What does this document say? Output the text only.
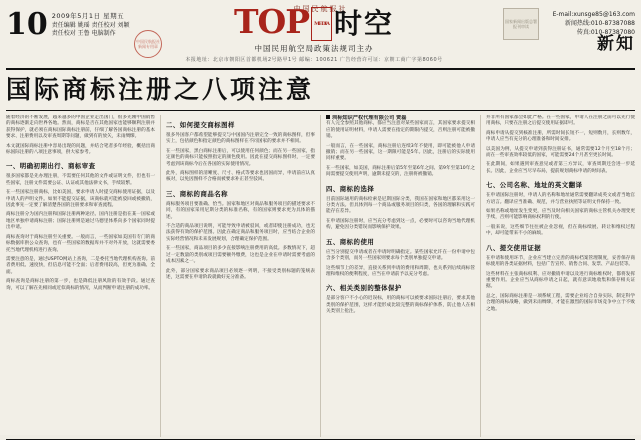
中国民航报社
10 2009年5月1日 星期五
责任编辑 姚瑶 责任校对 刘颖
责任校对 王鲁 电脑制作
中国民航报社 新闻专用章
TOP MEDIA 时空
中国民用航空局政策法规司主办
本报地址：北京市朝阳区首都机场2号路甲1号 邮编：100621 广告经营许可证：京朝工商广字第8060号
国家新闻出版总署 报刊审读
E-mail:xunsge85@163.com
新闻热线:010-87387088
传真:010-87387080
新知
国际商标注册之八项注意

随着经济的不断发展，越来越多的中国企业走出国门，很多先刚中国销售的商标逐渐走向世界各地。然而，商标是否在其他国家也能够顺利注册并获得保护，就必须在商标国际商标注册前，仔细了解各国商标注册的基本要求、注册费用以及审查周期等问题，做到有的放矢，未雨绸缪。

本文就国际商标注册中容易出现的问题，并结合笔者多年经验，概括出商标国际注册的八项注意事项，供大家参考。

一、明确初期出行、商标审查

很多国家都是先办理注册，不需要任何其他的文件或证明文件，但也有一些国家，注册文件需要公证、认证或其他法律文书，手续较繁。

在一些国家注册商标，比如美国，要求申请人时提交商标使用证据，以及申请人的声明文件。如果不能提交证据，该商标就可能被驳回或被撤销，因此事先一定要了解清楚各国的注册要求和审查流程。

商标注册分为国内注册和国际注册两种途径。国内注册是指在某一国家或地区单独申请商标注册；国际注册则是通过马德里体系向多个国家同时提出申请。

商标查询对于商标注册至关重要。一般而言，一些国家如美国有专门的商标数据库供公众查询，也有一些国家的数据库并不对外开放，这就需要委托当地代理机构进行查询。

需要注意的是，通过USPTO网站上查询，二是委托当地代理机构查询。前者费用低、速度快，但信息可能不全面；后者费用较高，但更为准确、全面。

商标查询是商标注册的第一步，也是降低注册风险的有效手段。通过查询，可以了解在先相同或近似商标的情况，从而判断申请注册的成功率。

二、如何提交商标图样

很多外国客户都希望能够提交与中国国内注册完全一致的商标图样，但事实上，包括颜色和指定颜色的商标图样在不同国家的要求并不相同。

在一些国家，黑白商标注册后，可以使用任何颜色；而在另一些国家，指定颜色的商标只能按照指定的颜色使用。因此在提交商标图样时，一定要考虑到该商标今后在各国的实际使用情况。

此外，商标图样的清晰度、尺寸、格式等要求也因国而异，申请前应认真核对，以免因图样不合格而被要求补正甚至驳回。

三、商标的商品名称

商标服务项目要准确、恰当。国家和地区对商品和服务项目的描述要求不同，有的国家采用尼斯分类的标准名称，有的国家则要求更为具体的描述。

不合适的商品项目说明，可能导致申请被驳回，或者即使注册成功，也无法获得有效的保护范围。因此在确定商品和服务项目时，应当结合企业的实际经营情况和未来发展规划，合理确定保护范围。

在一些国家，商品项目的多少直接影响注册费用的高低。多数情况下，超过一定数量的类别或项目需要额外缴费，这也是企业在申请时需要考虑的成本因素之一。

此外，部分国家要求商品项目必须逐一列明，不接受类别标题的笼统表述，这需要在申请阶段就做好充分准备。

圳标知识产权代理有限公司 贾磊

有人完全参照其他商标，都应当注意对某些国家而言，其国家要求提交相应的使用证明材料，申请人需要在指定的期限内提交，否则注册可能被撤销。

一般而言，在一些国家，商标注册后连续3年不使用，即可能被他人申请撤销；而在另一些国家，这一期限可能是5年。因此，注册后的实际使用同样重要。

在一些国家，如美国，商标注册后第5年至第6年之间、第9年至第10年之间需要提交使用声明，逾期未提交的，注册将被撤销。

四、商标的选择

目前国际通用的商标检索是尼斯国际分类，我国在国家和地区都采用这一分类方法。但具体到每一个商品或服务项目的归类，各国的理解和实践可能存在差异。

在申请国际注册时，应当充分考虑到这一点，必要时可以咨询当地代理机构，避免因分类错误而影响保护效果。

五、商标的使用

应当分别提交申请或者在申请时明确指定。某些国家允许在一份申请中包含多个类别，而另一些国家则要求每个类别单独提交申请。

这些细节上的差异，直接关系到申请的费用和周期，也关系到后续商标管理和维权的便利程度，应当在申请前予以充分考虑。

六、相关类别的整体保护

是部分客户不小心的迟误标，用的商标可以被要求国际注册后，要求其他类别的保护范围，这样才能形成比较完整的商标保护体系，防止他人在相关类别上抢注。

并非所有国家都会如此严格。在一些国家，申请人在注册之前可以先行使用商标，只要在注册之后提交使用证据即可。

商标申请从提交到核准注册，所需时间长短不一，短则数月，长则数年，申请人应当有充分的心理准备和时间安排。

以美国为例，从提交申请到获得注册证书，通常需要12个月至18个月；而在一些审查效率较低的国家，可能需要24个月甚至更长时间。

在此期间，如果遇到审查意见或者第三方异议，审查周期还会进一步延长。因此，企业应当尽早布局，提前规划商标申请的时间表。

七、公司名称、地址的英文翻译

在申请国际注册时，申请人的名称和地址通常需要翻译成英文或者当地官方语言。翻译应当准确、规范，并与营业执照等证明文件保持一致。

如果名称或地址发生变更，应当及时向相关国家的商标主管机关办理变更手续，否则可能影响商标权利的行使。

一般来说，这些细节往往被企业忽视，但在商标续展、转让和维权过程中，却可能带来不小的麻烦。

八、提交使用证据

在申请和使用环节，企业应当建立完善的商标档案管理制度，妥善保存商标使用的各类证据材料，包括广告宣传、销售合同、发票、产品包装等。

这些材料在主张商标权利、应对撤销申请以及进行商标维权时，都将发挥重要作用。企业应当从商标申请之日起，就有意识地收集和保存相关证据。

总之，国际商标注册是一项系统工程，需要企业结合自身实际，制定科学合理的商标战略，做到未雨绸缪，才能在激烈的国际市场竞争中立于不败之地。
